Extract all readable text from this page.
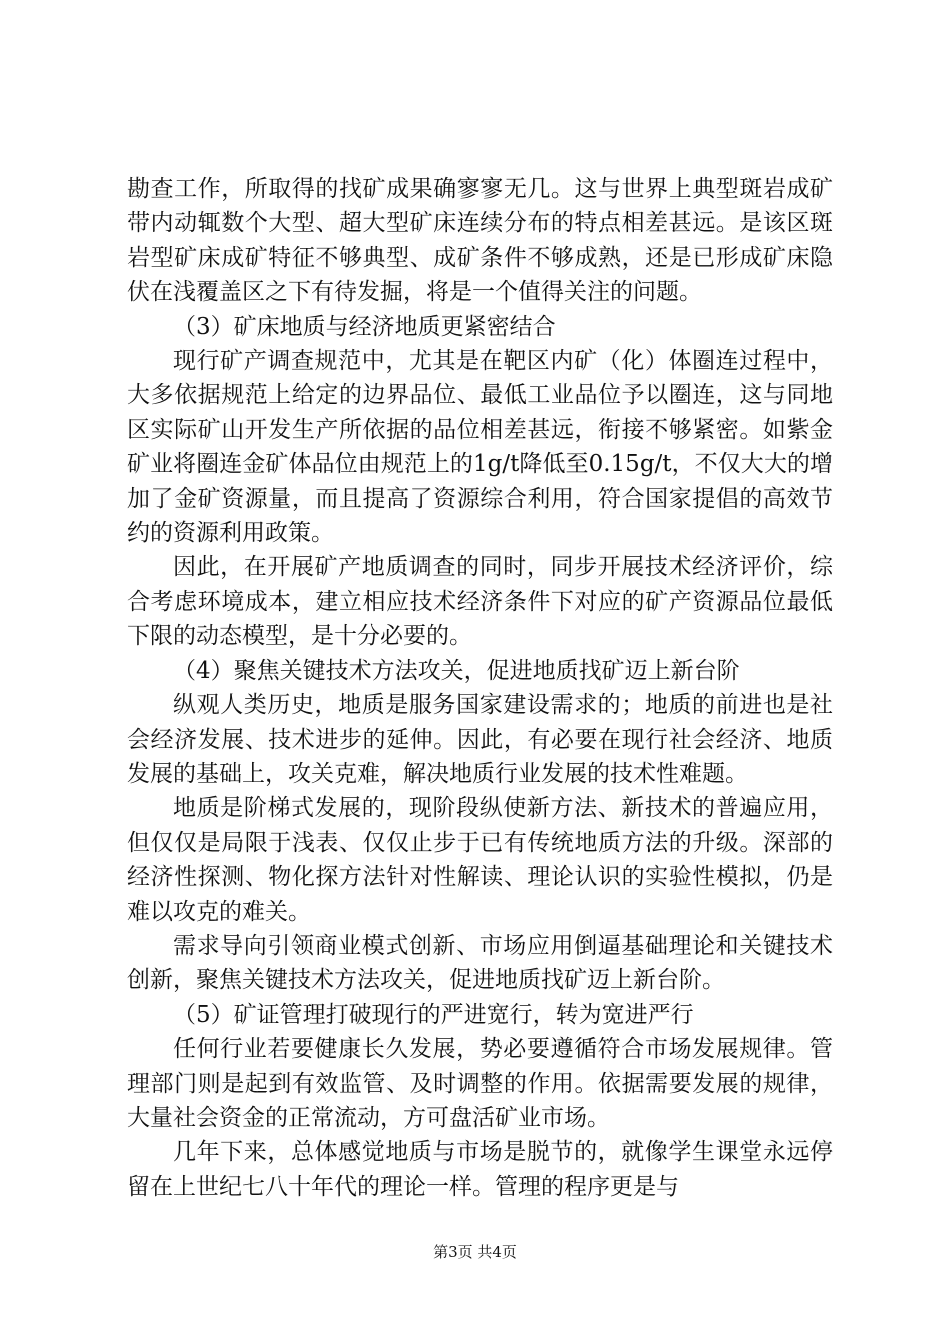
勘查工作，所取得的找矿成果确寥寥无几。这与世界上典型斑岩成矿带内动辄数个大型、超大型矿床连续分布的特点相差甚远。是该区斑岩型矿床成矿特征不够典型、成矿条件不够成熟，还是已形成矿床隐伏在浅覆盖区之下有待发掘，将是一个值得关注的问题。

（3）矿床地质与经济地质更紧密结合

现行矿产调查规范中，尤其是在靶区内矿（化）体圈连过程中，大多依据规范上给定的边界品位、最低工业品位予以圈连，这与同地区实际矿山开发生产所依据的品位相差甚远，衔接不够紧密。如紫金矿业将圈连金矿体品位由规范上的1g/t降低至0.15g/t，不仅大大的增加了金矿资源量，而且提高了资源综合利用，符合国家提倡的高效节约的资源利用政策。

因此，在开展矿产地质调查的同时，同步开展技术经济评价，综合考虑环境成本，建立相应技术经济条件下对应的矿产资源品位最低下限的动态模型，是十分必要的。

（4）聚焦关键技术方法攻关，促进地质找矿迈上新台阶

纵观人类历史，地质是服务国家建设需求的；地质的前进也是社会经济发展、技术进步的延伸。因此，有必要在现行社会经济、地质发展的基础上，攻关克难，解决地质行业发展的技术性难题。

地质是阶梯式发展的，现阶段纵使新方法、新技术的普遍应用，但仅仅是局限于浅表、仅仅止步于已有传统地质方法的升级。深部的经济性探测、物化探方法针对性解读、理论认识的实验性模拟，仍是难以攻克的难关。

需求导向引领商业模式创新、市场应用倒逼基础理论和关键技术创新，聚焦关键技术方法攻关，促进地质找矿迈上新台阶。

（5）矿证管理打破现行的严进宽行，转为宽进严行

任何行业若要健康长久发展，势必要遵循符合市场发展规律。管理部门则是起到有效监管、及时调整的作用。依据需要发展的规律，大量社会资金的正常流动，方可盘活矿业市场。

几年下来，总体感觉地质与市场是脱节的，就像学生课堂永远停留在上世纪七八十年代的理论一样。管理的程序更是与

第3页 共4页
